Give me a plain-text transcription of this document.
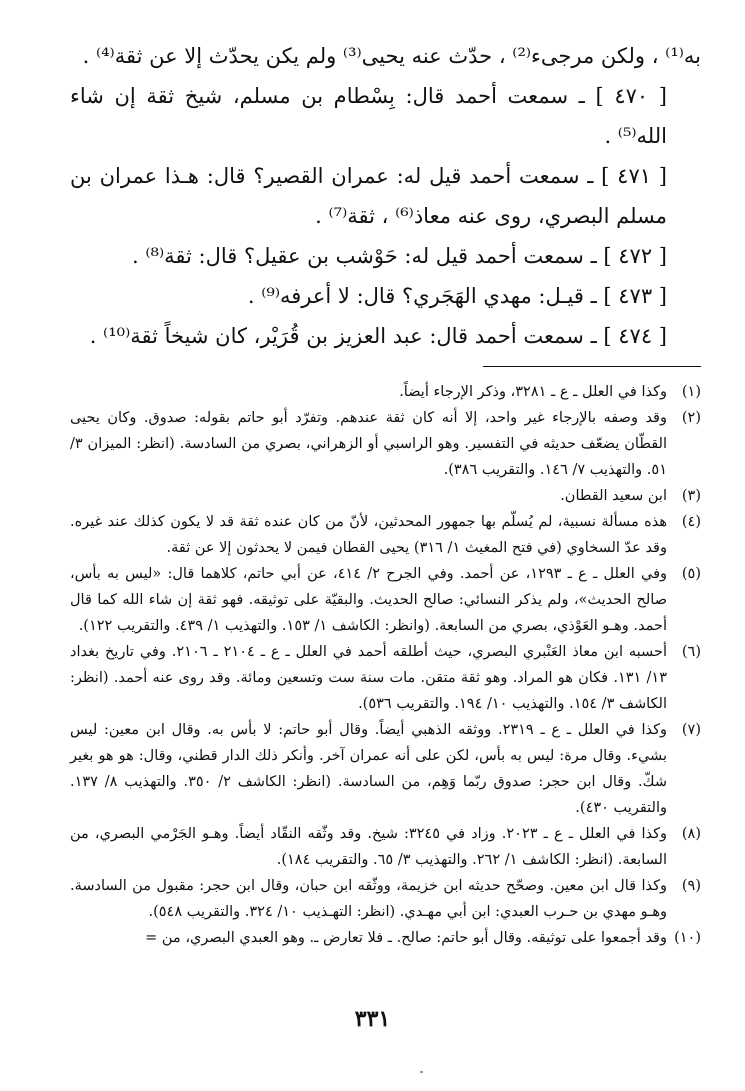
به⁽¹⁾ ، ولكن مرجىء⁽²⁾ ، حدّث عنه يحيى⁽³⁾ ولم يكن يحدّث إلا عن ثقة⁽⁴⁾ .

[ ٤٧٠ ] ـ سمعت أحمد قال: بِسْطام بن مسلم، شيخ ثقة إن شاء الله⁽⁵⁾ .

[ ٤٧١ ] ـ سمعت أحمد قيل له: عمران القصير؟ قال: هـذا عمران بن مسلم البصري، روى عنه معاذ⁽⁶⁾ ، ثقة⁽⁷⁾ .

[ ٤٧٢ ] ـ سمعت أحمد قيل له: حَوْشب بن عقيل؟ قال: ثقة⁽⁸⁾ .

[ ٤٧٣ ] ـ قيـل: مهدي الهَجَري؟ قال: لا أعرفه⁽⁹⁾ .

[ ٤٧٤ ] ـ سمعت أحمد قال: عبد العزيز بن قُرَيْر، كان شيخاً ثقة⁽¹⁰⁾ .

(١)
وكذا في العلل ـ ع ـ ٣٢٨١، وذكر الإرجاء أيضاً.
(٢)
وقد وصفه بالإرجاء غير واحد، إلا أنه كان ثقة عندهم. وتفرّد أبو حاتم بقوله: صدوق. وكان يحيى القطّان يضعّف حديثه في التفسير. وهو الراسبي أو الزهراني، بصري من السادسة. (انظر: الميزان ٣/ ٥١. والتهذيب ٧/ ١٤٦. والتقريب ٣٨٦).
(٣)
ابن سعيد القطان.
(٤)
هذه مسألة نسبية، لم يُسلّم بها جمهور المحدثين، لأنّ من كان عنده ثقة قد لا يكون كذلك عند غيره. وقد عدّ السخاوي (في فتح المغيث ١/ ٣١٦) يحيى القطان فيمن لا يحدثون إلا عن ثقة.
(٥)
وفي العلل ـ ع ـ ١٢٩٣، عن أحمد. وفي الجرح ٢/ ٤١٤، عن أبي حاتم، كلاهما قال: «ليس به بأس، صالح الحديث»، ولم يذكر النسائي: صالح الحديث. والبقيّة على توثيقه. فهو ثقة إن شاء الله كما قال أحمد. وهـو العَوْذي، بصري من السابعة. (وانظر: الكاشف ١/ ١٥٣. والتهذيب ١/ ٤٣٩. والتقريب ١٢٢).
(٦)
أحسبه ابن معاذ العَنْبري البصري، حيث أطلقه أحمد في العلل ـ ع ـ ٢١٠٤ ـ ٢١٠٦. وفي تاريخ بغداد ١٣/ ١٣١. فكان هو المراد. وهو ثقة متقن. مات سنة ست وتسعين ومائة. وقد روى عنه أحمد. (انظر: الكاشف ٣/ ١٥٤. والتهذيب ١٠/ ١٩٤. والتقريب ٥٣٦).
(٧)
وكذا في العلل ـ ع ـ ٢٣١٩. ووثقه الذهبي أيضاً. وقال أبو حاتم: لا بأس به. وقال ابن معين: ليس بشيء. وقال مرة: ليس به بأس، لكن على أنه عمران آخر. وأنكر ذلك الدار قطني، وقال: هو هو بغير شكّ. وقال ابن حجر: صدوق ربّما وَهِم، من السادسة. (انظر: الكاشف ٢/ ٣٥٠. والتهذيب ٨/ ١٣٧. والتقريب ٤٣٠).
(٨)
وكذا في العلل ـ ع ـ ٢٠٢٣. وزاد في ٣٢٤٥: شيخ. وقد وثّقه النقّاد أيضاً. وهـو الجَرْمي البصري، من السابعة. (انظر: الكاشف ١/ ٢٦٢. والتهذيب ٣/ ٦٥. والتقريب ١٨٤).
(٩)
وكذا قال ابن معين. وصحّح حديثه ابن خزيمة، ووثّقه ابن حبان، وقال ابن حجر: مقبول من السادسة. وهـو مهدي بن حـرب العبدي: ابن أبي مهـدي. (انظر: التهـذيب ١٠/ ٣٢٤. والتقريب ٥٤٨).
(١٠)
وقد أجمعوا على توثيقه. وقال أبو حاتم: صالح. ـ فلا تعارض ـ. وهو العبدي البصري، من =
٣٣١
